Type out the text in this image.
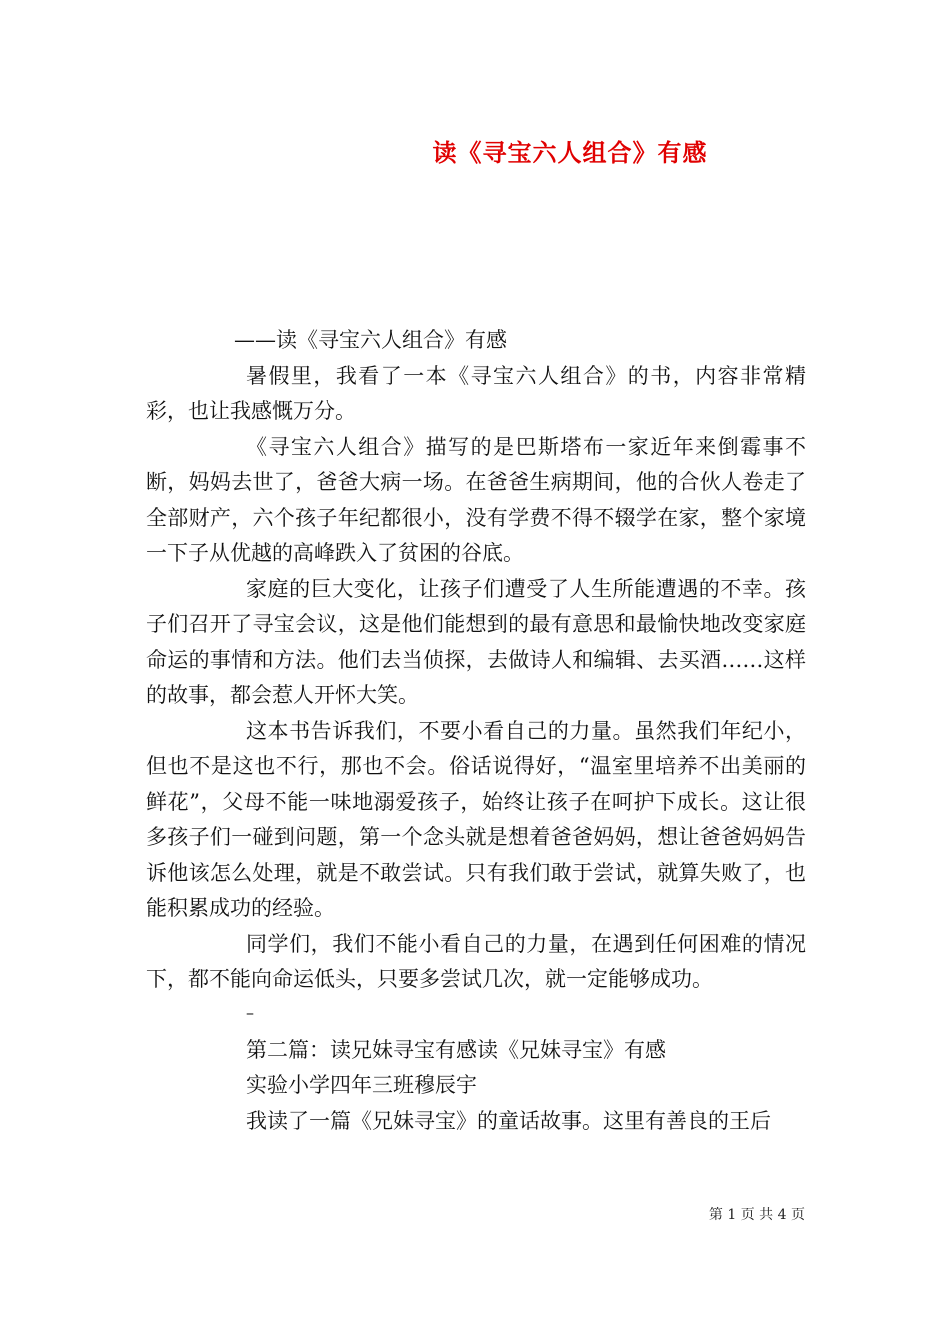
读《寻宝六人组合》有感

——读《寻宝六人组合》有感

暑假里，我看了一本《寻宝六人组合》的书，内容非常精彩，也让我感慨万分。

《寻宝六人组合》描写的是巴斯塔布一家近年来倒霉事不断，妈妈去世了，爸爸大病一场。在爸爸生病期间，他的合伙人卷走了全部财产，六个孩子年纪都很小，没有学费不得不辍学在家，整个家境一下子从优越的高峰跌入了贫困的谷底。

家庭的巨大变化，让孩子们遭受了人生所能遭遇的不幸。孩子们召开了寻宝会议，这是他们能想到的最有意思和最愉快地改变家庭命运的事情和方法。他们去当侦探，去做诗人和编辑、去买酒……这样的故事，都会惹人开怀大笑。

这本书告诉我们，不要小看自己的力量。虽然我们年纪小，但也不是这也不行，那也不会。俗话说得好，“温室里培养不出美丽的鲜花”，父母不能一味地溺爱孩子，始终让孩子在呵护下成长。这让很多孩子们一碰到问题，第一个念头就是想着爸爸妈妈，想让爸爸妈妈告诉他该怎么处理，就是不敢尝试。只有我们敢于尝试，就算失败了，也能积累成功的经验。

同学们，我们不能小看自己的力量，在遇到任何困难的情况下，都不能向命运低头，只要多尝试几次，就一定能够成功。

–

第二篇：读兄妹寻宝有感读《兄妹寻宝》有感

实验小学四年三班穆辰宇

我读了一篇《兄妹寻宝》的童话故事。这里有善良的王后

第 1 页 共 4 页
